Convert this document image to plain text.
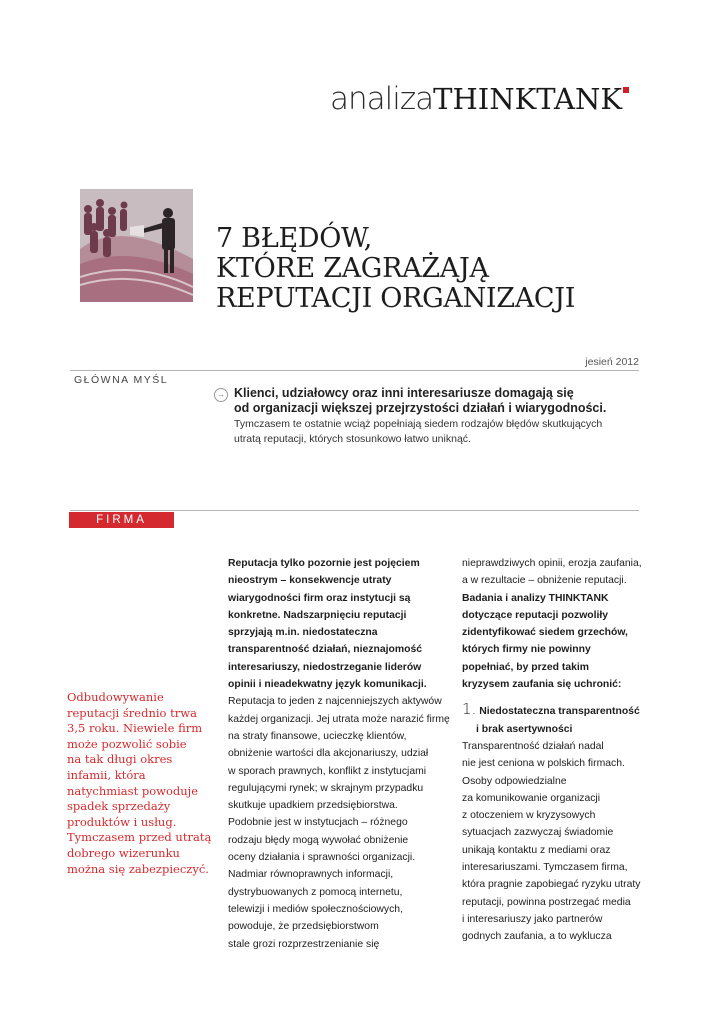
analizaTHINKTANK
7 BŁĘDÓW,
KTÓRE ZAGRAŻAJĄ
REPUTACJI ORGANIZACJI
jesień 2012
GŁÓWNA MYŚL
→ Klienci, udziałowcy oraz inni interesariusze domagają się
od organizacji większej przejrzystości działań i wiarygodności.
Tymczasem te ostatnie wciąż popełniają siedem rodzajów błędów skutkujących
utratą reputacji, których stosunkowo łatwo uniknąć.
FIRMA
Odbudowywanie
reputacji średnio trwa
3,5 roku. Niewiele firm
może pozwolić sobie
na tak długi okres
infamii, która
natychmiast powoduje
spadek sprzedaży
produktów i usług.
Tymczasem przed utratą
dobrego wizerunku
można się zabezpieczyć.
Reputacja tylko pozornie jest pojęciem
nieostrym – konsekwencje utraty
wiarygodności firm oraz instytucji są
konkretne. Nadszarpnięciu reputacji
sprzyjają m.in. niedostateczna
transparentność działań, nieznajomość
interesariuszy, niedostrzeganie liderów
opinii i nieadekwatny język komunikacji.
Reputacja to jeden z najcenniejszych aktywów
każdej organizacji. Jej utrata może narazić firmę
na straty finansowe, ucieczkę klientów,
obniżenie wartości dla akcjonariuszy, udział
w sporach prawnych, konflikt z instytucjami
regulującymi rynek; w skrajnym przypadku
skutkuje upadkiem przedsiębiorstwa.
Podobnie jest w instytucjach – różnego
rodzaju błędy mogą wywołać obniżenie
oceny działania i sprawności organizacji.
Nadmiar równoprawnych informacji,
dystrybuowanych z pomocą internetu,
telewizji i mediów społecznościowych,
powoduje, że przedsiębiorstwom
stale grozi rozprzestrzenianie się
nieprawdziwych opinii, erozja zaufania,
a w rezultacie – obniżenie reputacji.
Badania i analizy THINKTANK
dotyczące reputacji pozwoliły
zidentyfikować siedem grzechów,
których firmy nie powinny
popełniać, by przed takim
kryzysem zaufania się uchronić:
1. Niedostateczna transparentność
i brak asertywności
Transparentność działań nadal
nie jest ceniona w polskich firmach.
Osoby odpowiedzialne
za komunikowanie organizacji
z otoczeniem w kryzysowych
sytuacjach zazwyczaj świadomie
unikają kontaktu z mediami oraz
interesariuszami. Tymczasem firma,
która pragnie zapobiegać ryzyku utraty
reputacji, powinna postrzegać media
i interesariuszy jako partnerów
godnych zaufania, a to wyklucza
